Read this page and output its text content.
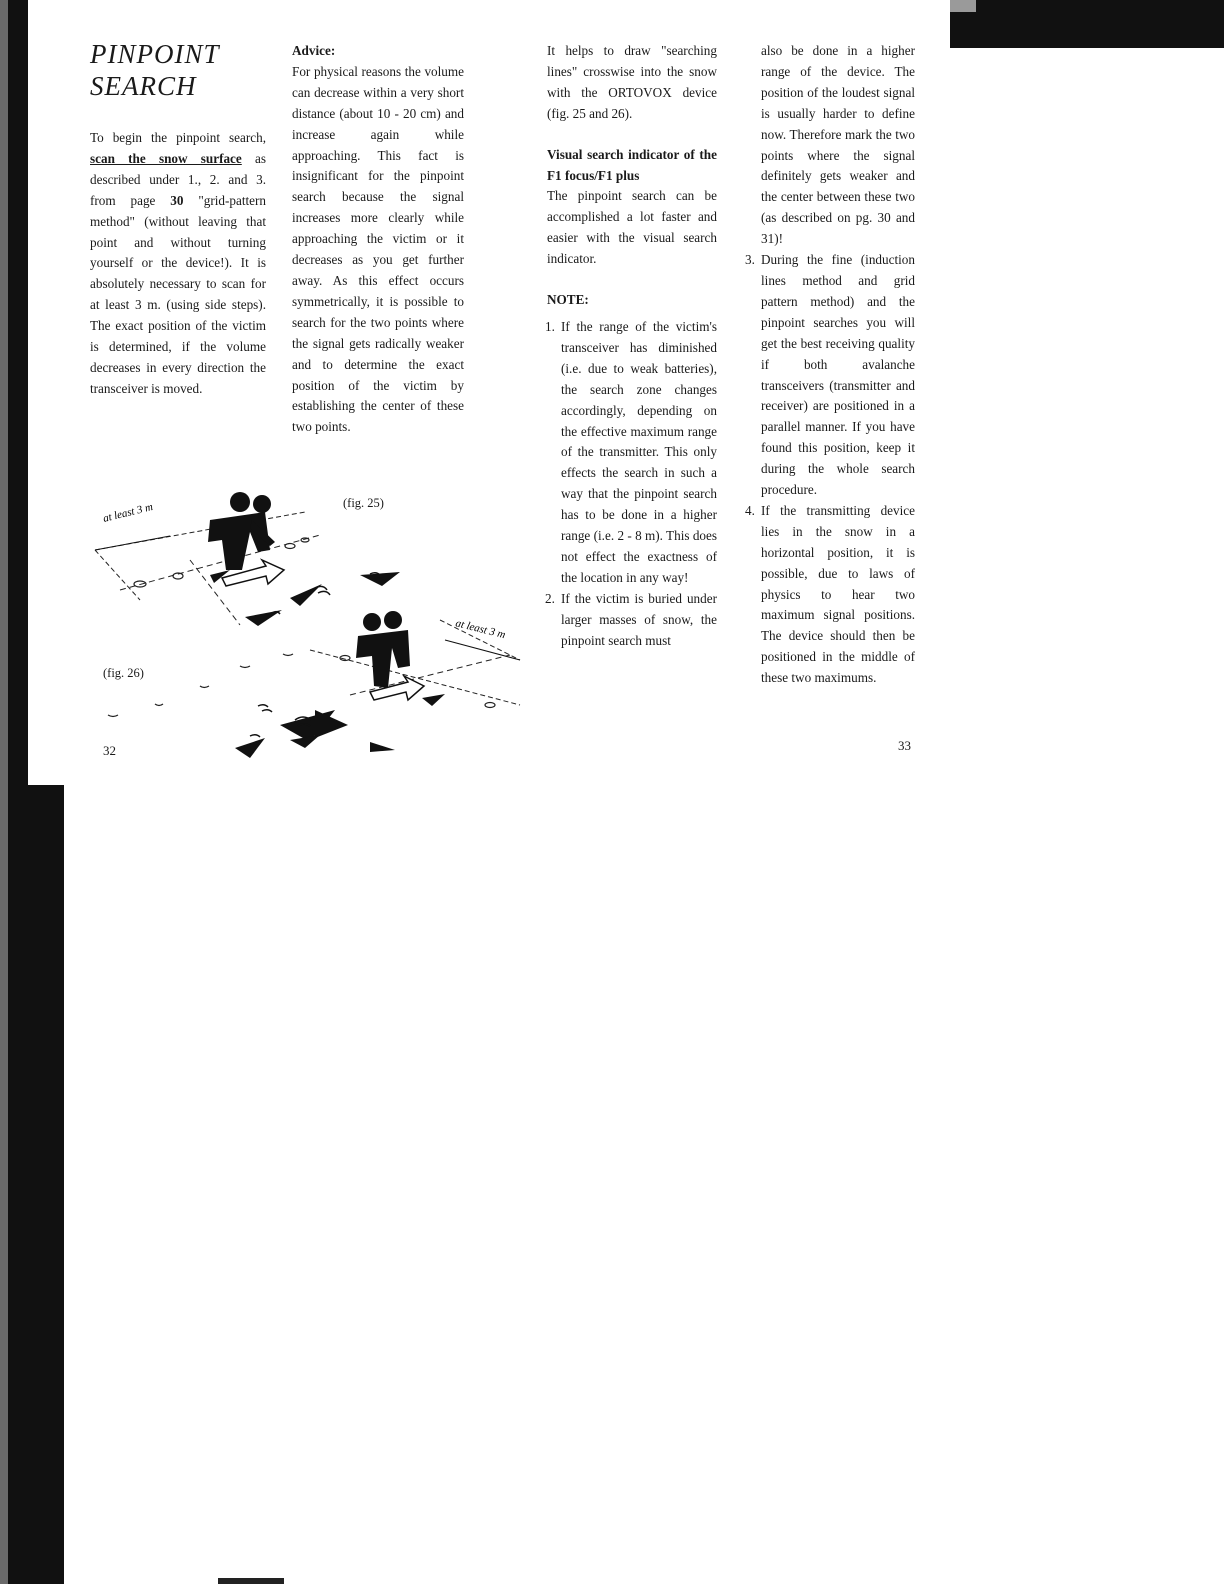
PINPOINT
SEARCH

To begin the pinpoint search, scan the snow surface as described under 1., 2. and 3. from page 30 "grid-pattern method" (without leaving that point and without turning yourself or the device!). It is absolutely necessary to scan for at least 3 m. (using side steps). The exact position of the victim is determined, if the volume decreases in every direction the transceiver is moved.

Advice:

For physical reasons the volume can decrease within a very short distance (about 10 - 20 cm) and increase again while approaching. This fact is insignificant for the pinpoint search because the signal increases more clearly while approaching the victim or it decreases as you get further away. As this effect occurs symmetrically, it is possible to search for the two points where the signal gets radically weaker and to determine the exact position of the victim by establishing the center of these two points.

at least 3 m
at least 3 m
(fig. 25)
(fig. 26)
32

It helps to draw "searching lines" crosswise into the snow with the ORTOVOX device (fig. 25 and 26).

Visual search indicator of the F1 focus/F1 plus

The pinpoint search can be accomplished a lot faster and easier with the visual search indicator.

NOTE:

1. If the range of the victim's transceiver has diminished (i.e. due to weak batteries), the search zone changes accordingly, depending on the effective maximum range of the transmitter. This only effects the search in such a way that the pinpoint search has to be done in a higher range (i.e. 2 - 8 m). This does not effect the exactness of the location in any way!
2. If the victim is buried under larger masses of snow, the pinpoint search must

also be done in a higher range of the device. The position of the loudest signal is usually harder to define now. Therefore mark the two points where the signal definitely gets weaker and the center between these two (as described on pg. 30 and 31)!

3. During the fine (induction lines method and grid pattern method) and the pinpoint searches you will get the best receiving quality if both avalanche transceivers (transmitter and receiver) are positioned in a parallel manner. If you have found this position, keep it during the whole search procedure.
4. If the transmitting device lies in the snow in a horizontal position, it is possible, due to laws of physics to hear two maximum signal positions. The device should then be positioned in the middle of these two maximums.
33
